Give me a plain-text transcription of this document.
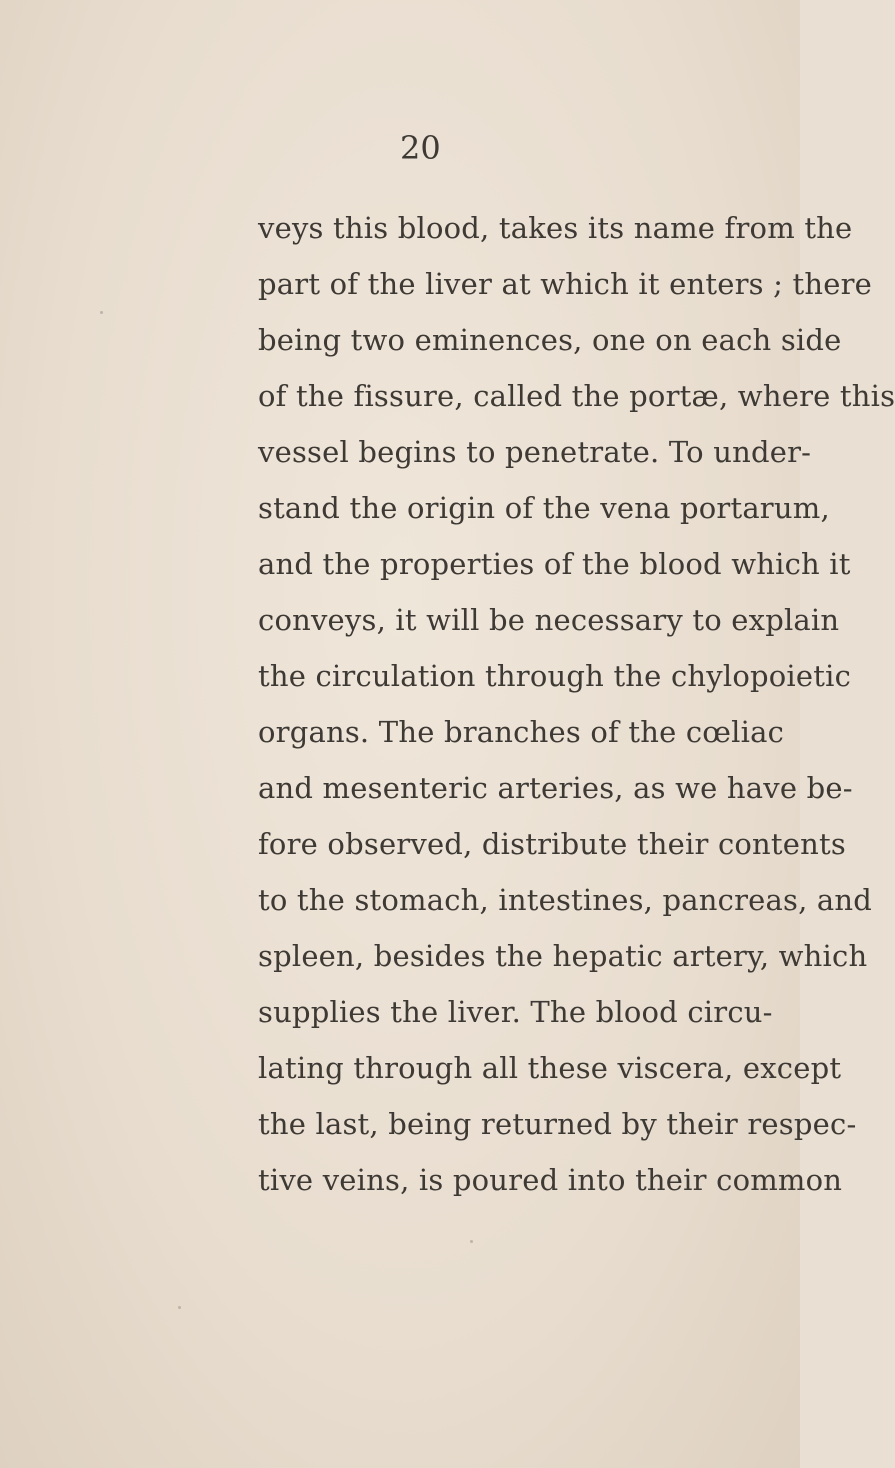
20
veys this blood, takes its name from the
part of the liver at which it enters ; there
being two eminences, one on each side
of the fissure, called the portæ, where this
vessel begins to penetrate. To under-
stand the origin of the vena portarum,
and the properties of the blood which it
conveys, it will be necessary to explain
the circulation through the chylopoietic
organs. The branches of the cœliac
and mesenteric arteries, as we have be-
fore observed, distribute their contents
to the stomach, intestines, pancreas, and
spleen, besides the hepatic artery, which
supplies the liver. The blood circu-
lating through all these viscera, except
the last, being returned by their respec-
tive veins, is poured into their common
